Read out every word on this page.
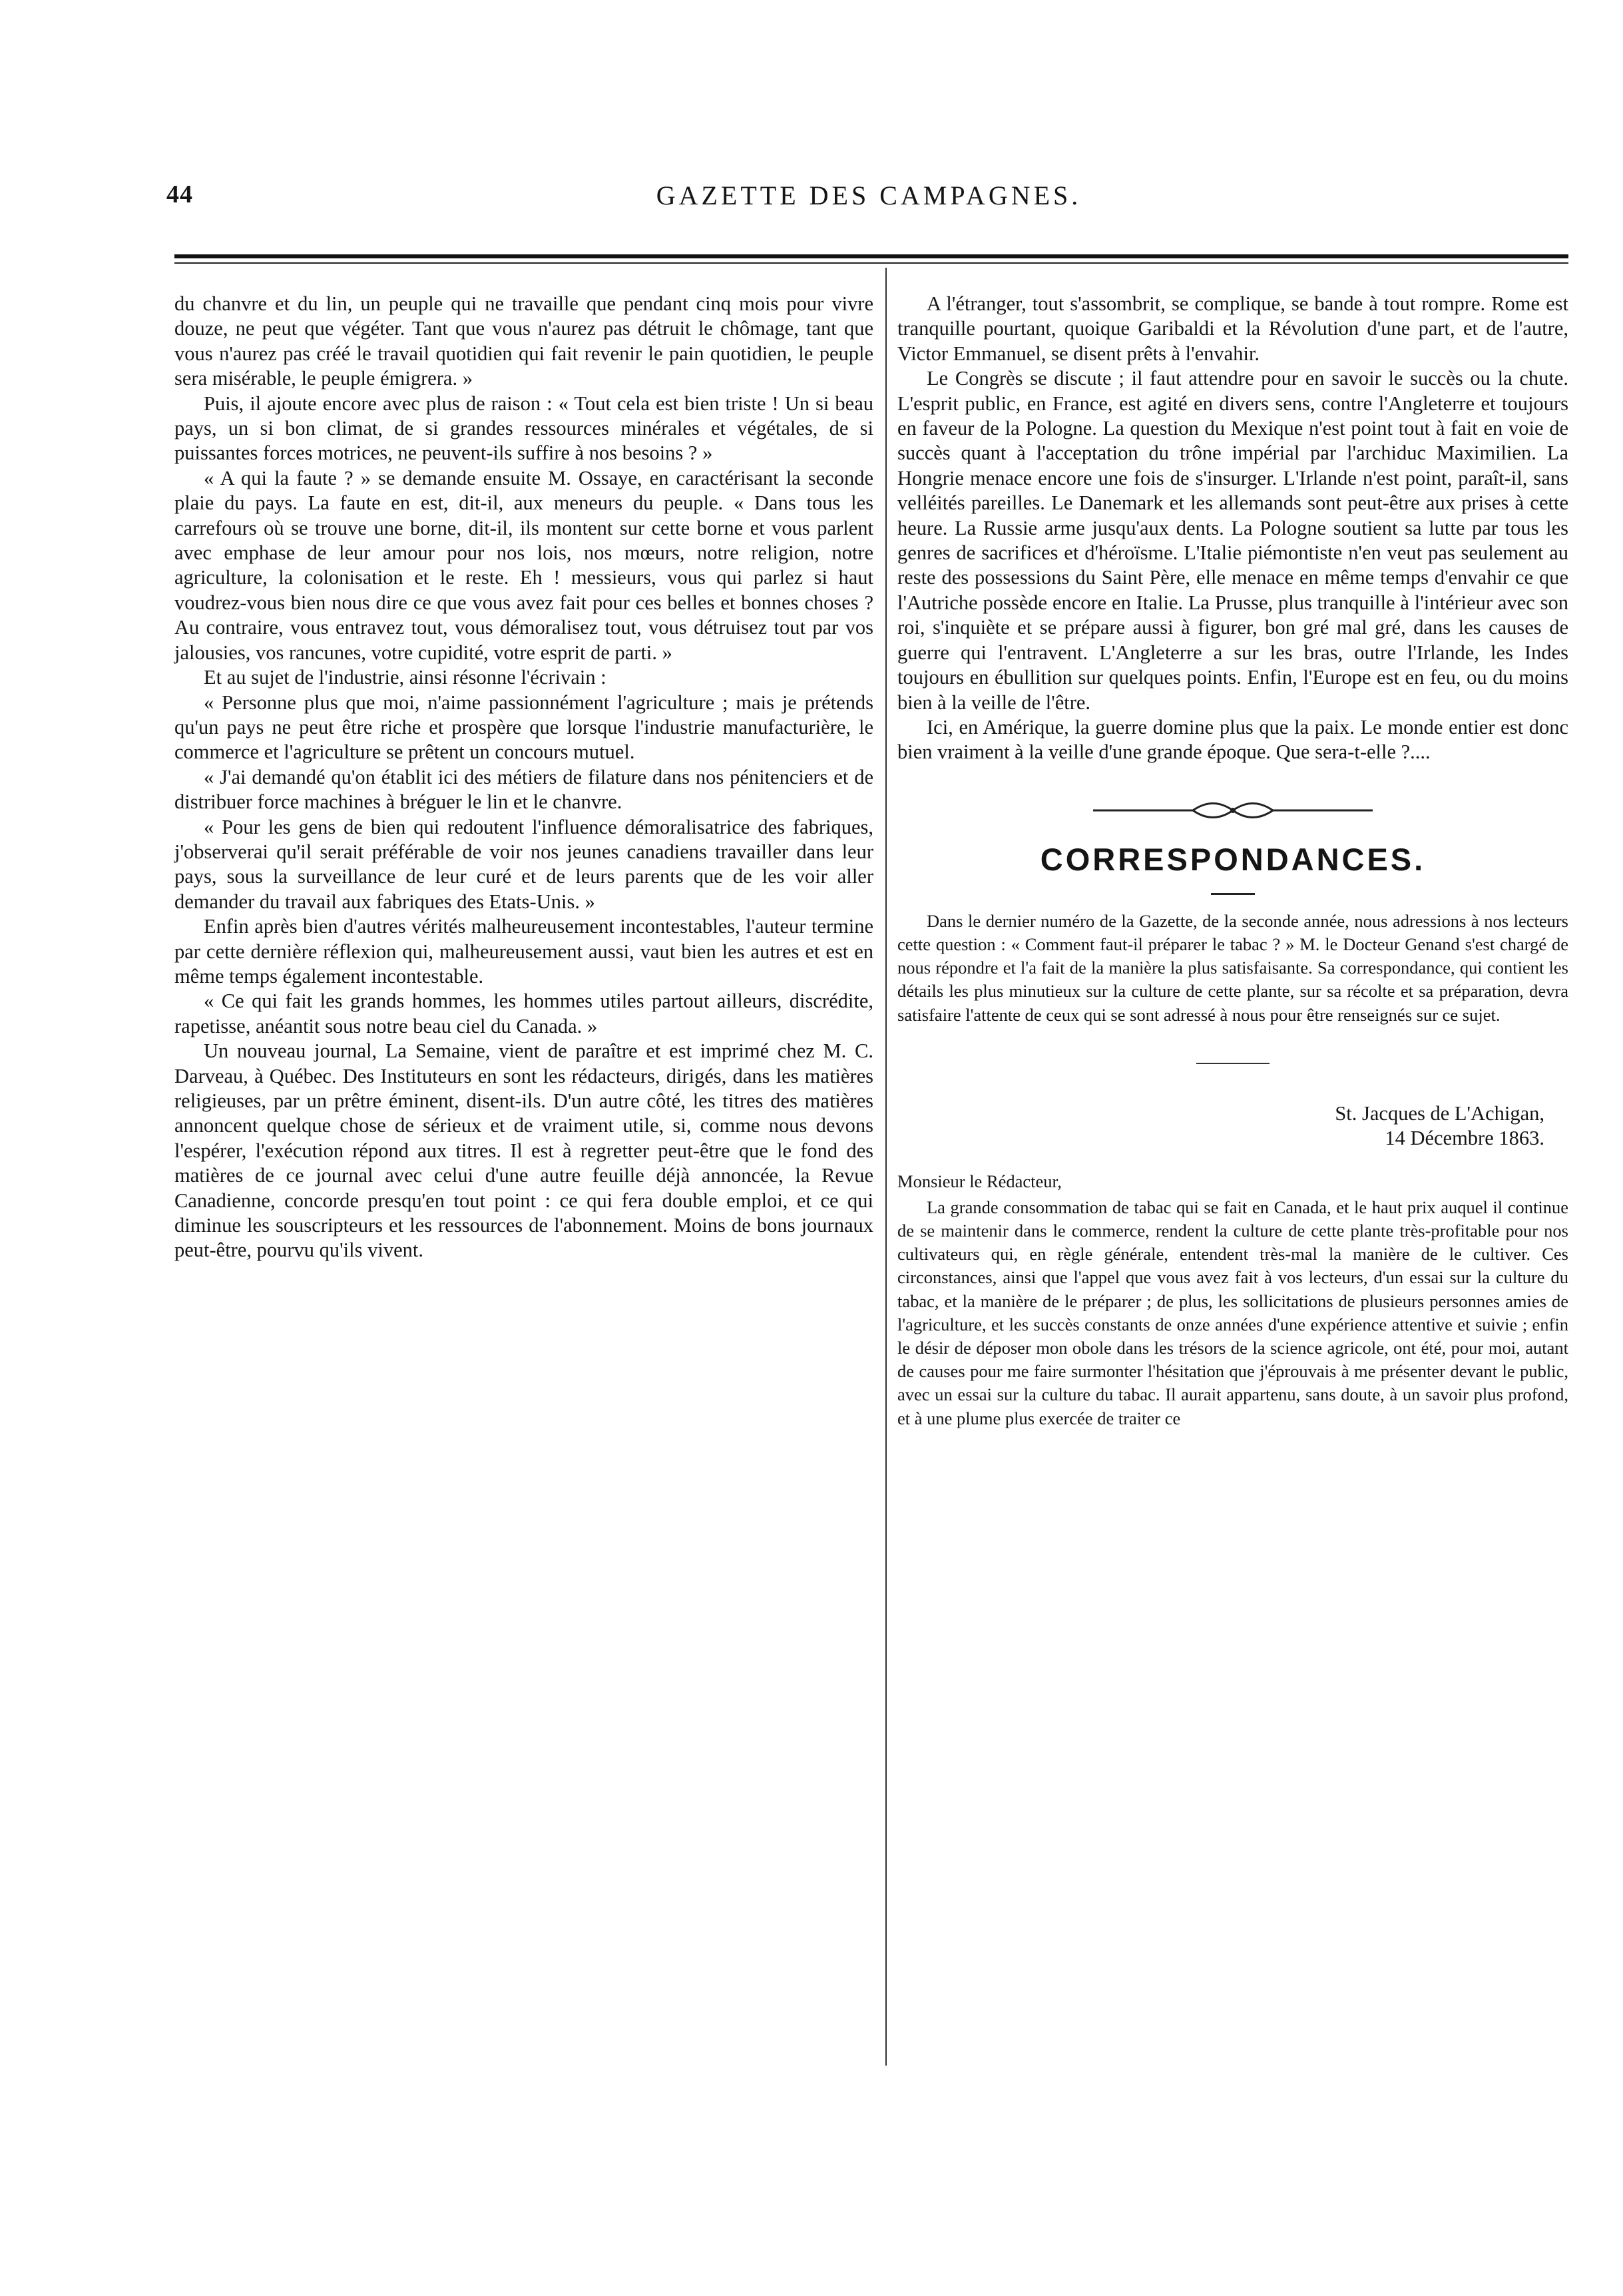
44	GAZETTE DES CAMPAGNES.

du chanvre et du lin, un peuple qui ne travaille que pendant cinq mois pour vivre douze, ne peut que végéter. Tant que vous n'aurez pas détruit le chômage, tant que vous n'aurez pas créé le travail quotidien qui fait revenir le pain quotidien, le peuple sera misérable, le peuple émigrera. »

Puis, il ajoute encore avec plus de raison : « Tout cela est bien triste ! Un si beau pays, un si bon climat, de si grandes ressources minérales et végétales, de si puissantes forces motrices, ne peuvent-ils suffire à nos besoins ? »

« A qui la faute ? » se demande ensuite M. Ossaye, en caractérisant la seconde plaie du pays. La faute en est, dit-il, aux meneurs du peuple. « Dans tous les carrefours où se trouve une borne, dit-il, ils montent sur cette borne et vous parlent avec emphase de leur amour pour nos lois, nos mœurs, notre religion, notre agriculture, la colonisation et le reste. Eh ! messieurs, vous qui parlez si haut voudrez-vous bien nous dire ce que vous avez fait pour ces belles et bonnes choses ? Au contraire, vous entravez tout, vous démoralisez tout, vous détruisez tout par vos jalousies, vos rancunes, votre cupidité, votre esprit de parti. »

Et au sujet de l'industrie, ainsi résonne l'écrivain :

« Personne plus que moi, n'aime passionnément l'agriculture ; mais je prétends qu'un pays ne peut être riche et prospère que lorsque l'industrie manufacturière, le commerce et l'agriculture se prêtent un concours mutuel.

« J'ai demandé qu'on établit ici des métiers de filature dans nos pénitenciers et de distribuer force machines à bréguer le lin et le chanvre.

« Pour les gens de bien qui redoutent l'influence démoralisatrice des fabriques, j'observerai qu'il serait préférable de voir nos jeunes canadiens travailler dans leur pays, sous la surveillance de leur curé et de leurs parents que de les voir aller demander du travail aux fabriques des Etats-Unis. »

Enfin après bien d'autres vérités malheureusement incontestables, l'auteur termine par cette dernière réflexion qui, malheureusement aussi, vaut bien les autres et est en même temps également incontestable.

« Ce qui fait les grands hommes, les hommes utiles partout ailleurs, discrédite, rapetisse, anéantit sous notre beau ciel du Canada. »

Un nouveau journal, La Semaine, vient de paraître et est imprimé chez M. C. Darveau, à Québec. Des Instituteurs en sont les rédacteurs, dirigés, dans les matières religieuses, par un prêtre éminent, disent-ils. D'un autre côté, les titres des matières annoncent quelque chose de sérieux et de vraiment utile, si, comme nous devons l'espérer, l'exécution répond aux titres. Il est à regretter peut-être que le fond des matières de ce journal avec celui d'une autre feuille déjà annoncée, la Revue Canadienne, concorde presqu'en tout point : ce qui fera double emploi, et ce qui diminue les souscripteurs et les ressources de l'abonnement. Moins de bons journaux peut-être, pourvu qu'ils vivent.

A l'étranger, tout s'assombrit, se complique, se bande à tout rompre. Rome est tranquille pourtant, quoique Garibaldi et la Révolution d'une part, et de l'autre, Victor Emmanuel, se disent prêts à l'envahir.

Le Congrès se discute ; il faut attendre pour en savoir le succès ou la chute. L'esprit public, en France, est agité en divers sens, contre l'Angleterre et toujours en faveur de la Pologne. La question du Mexique n'est point tout à fait en voie de succès quant à l'acceptation du trône impérial par l'archiduc Maximilien. La Hongrie menace encore une fois de s'insurger. L'Irlande n'est point, paraît-il, sans velléités pareilles. Le Danemark et les allemands sont peut-être aux prises à cette heure. La Russie arme jusqu'aux dents. La Pologne soutient sa lutte par tous les genres de sacrifices et d'héroïsme. L'Italie piémontiste n'en veut pas seulement au reste des possessions du Saint Père, elle menace en même temps d'envahir ce que l'Autriche possède encore en Italie. La Prusse, plus tranquille à l'intérieur avec son roi, s'inquiète et se prépare aussi à figurer, bon gré mal gré, dans les causes de guerre qui l'entravent. L'Angleterre a sur les bras, outre l'Irlande, les Indes toujours en ébullition sur quelques points. Enfin, l'Europe est en feu, ou du moins bien à la veille de l'être.

Ici, en Amérique, la guerre domine plus que la paix. Le monde entier est donc bien vraiment à la veille d'une grande époque. Que sera-t-elle ?....

CORRESPONDANCES.

Dans le dernier numéro de la Gazette, de la seconde année, nous adressions à nos lecteurs cette question : « Comment faut-il préparer le tabac ? » M. le Docteur Genand s'est chargé de nous répondre et l'a fait de la manière la plus satisfaisante. Sa correspondance, qui contient les détails les plus minutieux sur la culture de cette plante, sur sa récolte et sa préparation, devra satisfaire l'attente de ceux qui se sont adressé à nous pour être renseignés sur ce sujet.

St. Jacques de L'Achigan,

14 Décembre 1863.

Monsieur le Rédacteur,

La grande consommation de tabac qui se fait en Canada, et le haut prix auquel il continue de se maintenir dans le commerce, rendent la culture de cette plante très-profitable pour nos cultivateurs qui, en règle générale, entendent très-mal la manière de le cultiver. Ces circonstances, ainsi que l'appel que vous avez fait à vos lecteurs, d'un essai sur la culture du tabac, et la manière de le préparer ; de plus, les sollicitations de plusieurs personnes amies de l'agriculture, et les succès constants de onze années d'une expérience attentive et suivie ; enfin le désir de déposer mon obole dans les trésors de la science agricole, ont été, pour moi, autant de causes pour me faire surmonter l'hésitation que j'éprouvais à me présenter devant le public, avec un essai sur la culture du tabac. Il aurait appartenu, sans doute, à un savoir plus profond, et à une plume plus exercée de traiter ce
